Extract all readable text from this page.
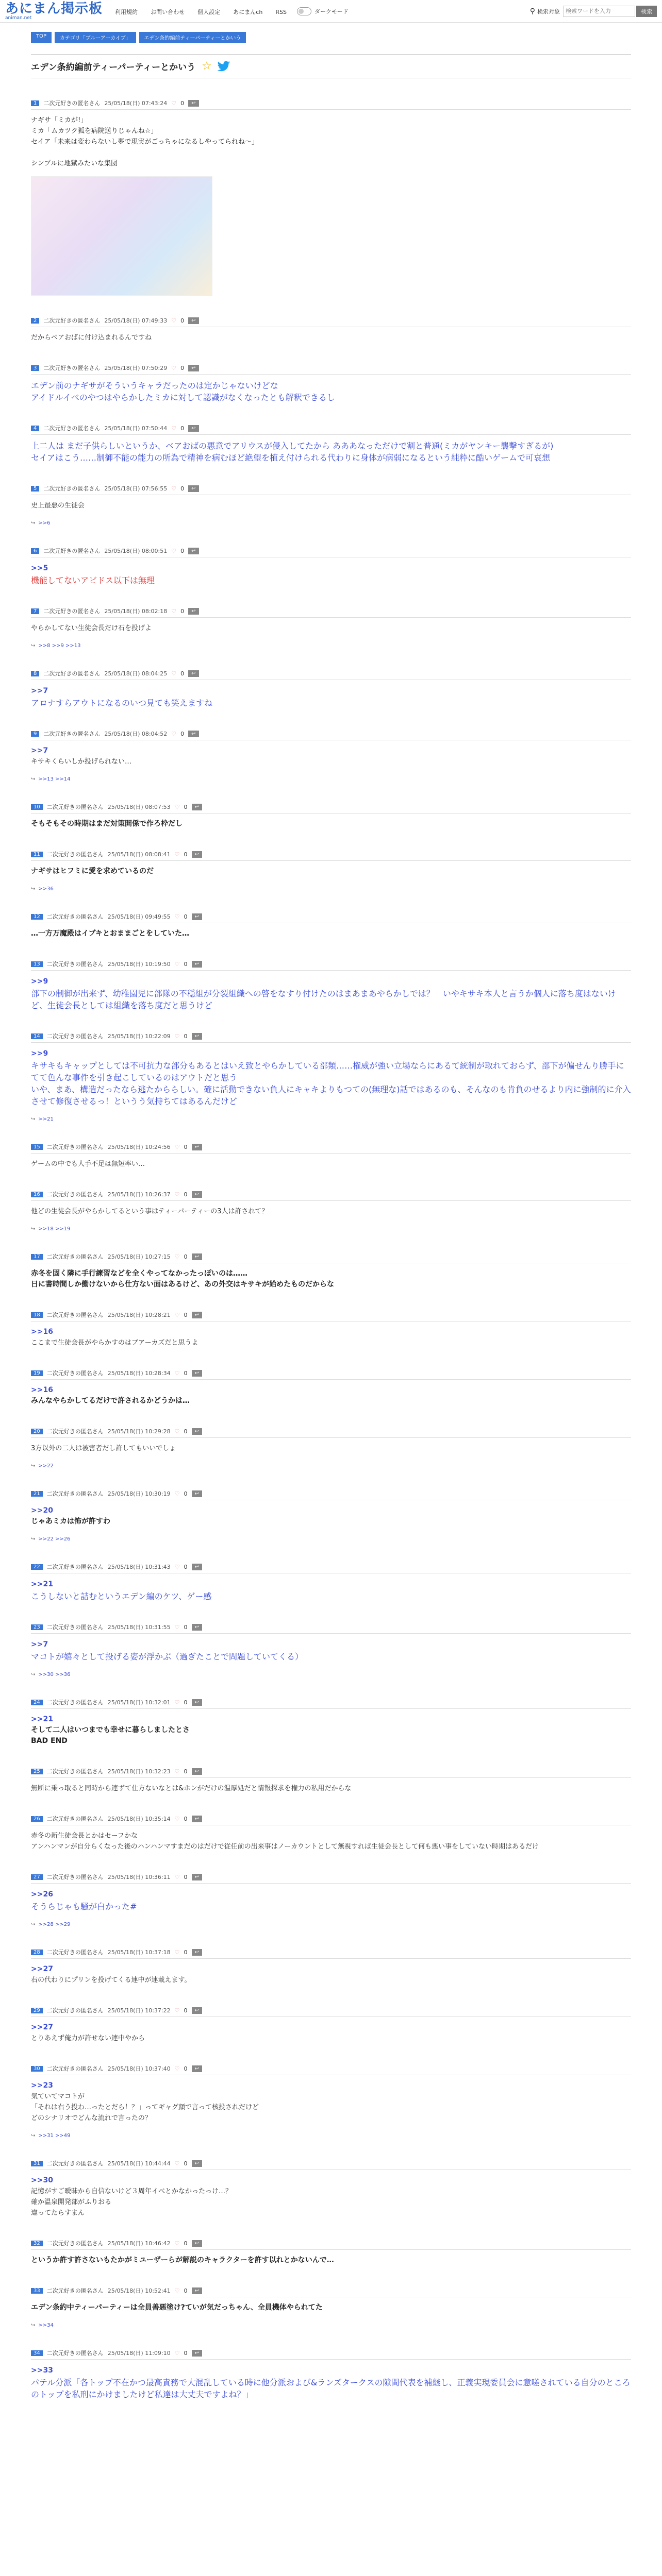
あにまん掲示板
animan.net
利用規約 お問い合わせ 個人設定 あにまんch RSS	ダークモード	⚲ 検索対象
検索ワードを入力	検索
TOP	カテゴリ「ブルーアーカイブ」	エデン条約編前ティーパーティーとかいう
エデン条約編前ティーパーティーとかいう ☆
1	二次元好きの匿名さん 25/05/18(日) 07:43:24 ♡ 0	↩
ナギサ「ミカが!」
ミカ「ムカツク狐を病院送りじゃんね☆」
セイア「未来は変わらないし夢で現実がごっちゃになるしやってられね〜」

シンプルに地獄みたいな集団
2	二次元好きの匿名さん 25/05/18(日) 07:49:33 ♡ 0	↩
だからベアおばに付け込まれるんですね
3	二次元好きの匿名さん 25/05/18(日) 07:50:29 ♡ 0	↩
エデン前のナギサがそういうキャラだったのは定かじゃないけどな
アイドルイベのやつはやらかしたミカに対して認識がなくなったとも解釈できるし
4	二次元好きの匿名さん 25/05/18(日) 07:50:44 ♡ 0	↩
上二人は まだ子供らしいというか、ベアおばの悪意でアリウスが侵入してたから あああなっただけで割と普通(ミカがヤンキー襲撃すぎるが)
セイアはこう……制御不能の能力の所為で精神を病むほど絶望を植え付けられる代わりに身体が病弱になるという純粋に酷いゲームで可哀想
5	二次元好きの匿名さん 25/05/18(日) 07:56:55 ♡ 0	↩
史上最悪の生徒会
↪ >>6
6	二次元好きの匿名さん 25/05/18(日) 08:00:51 ♡ 0	↩
>>5
機能してないアビドス以下は無理
7	二次元好きの匿名さん 25/05/18(日) 08:02:18 ♡ 0	↩
やらかしてない生徒会長だけ石を投げよ
↪ >>8 >>9 >>13
8	二次元好きの匿名さん 25/05/18(日) 08:04:25 ♡ 0	↩
>>7
アロナすらアウトになるのいつ見ても笑えますね
9	二次元好きの匿名さん 25/05/18(日) 08:04:52 ♡ 0	↩
>>7
キサキくらいしか投げられない…
↪ >>13 >>14
10	二次元好きの匿名さん 25/05/18(日) 08:07:53 ♡ 0	↩
そもそもその時期はまだ対策開係で作ろ枠だし
11	二次元好きの匿名さん 25/05/18(日) 08:08:41 ♡ 0	↩
ナギサはヒフミに愛を求めているのだ
↪ >>36
12	二次元好きの匿名さん 25/05/18(日) 09:49:55 ♡ 0	↩
…一方万魔殿はイブキとおままごとをしていた…
13	二次元好きの匿名さん 25/05/18(日) 10:19:50 ♡ 0	↩
>>9
部下の制御が出来ず、幼稚園児に部隊の不穏組が分裂組織への啓をなすり付けたのはまあまあやらかしでは？　いやキサキ本人と言うか個人に落ち度はないけど、生徒会長としては組織を落ち度だと思うけど
14	二次元好きの匿名さん 25/05/18(日) 10:22:09 ♡ 0	↩
>>9
キサキもキャップとしては不可抗力な部分もあるとはいえ致とやらかしている部類……権威が強い立場ならにあるて統制が取れておらず、部下が偏せんり勝手にてて色んな事件を引き起こしているのはアウトだと思う
いや、まあ、構造だったなら逃たかららしい。確に活動できない負人にキャキよりもつての(無理な)話ではあるのも、そんなのも肯負のせるより内に強制的に介入させて修復させるっ！というう気持ちてはあるんだけど
↪ >>21
15	二次元好きの匿名さん 25/05/18(日) 10:24:56 ♡ 0	↩
ゲームの中でも人手不足は無短率い…
16	二次元好きの匿名さん 25/05/18(日) 10:26:37 ♡ 0	↩
他どの生徒会長がやらかしてるという事はティーパーティーの3人は許されて？
↪ >>18 >>19
17	二次元好きの匿名さん 25/05/18(日) 10:27:15 ♡ 0	↩
赤冬を固く隣に手行練習などを全くやってなかったっぽいのは……
日に書時間しか働けないから仕方ない面はあるけど、あの外交はキサキが始めたものだからな
18	二次元好きの匿名さん 25/05/18(日) 10:28:21 ♡ 0	↩
>>16
ここまで生徒会長がやらかすのはブアーカズだと思うよ
19	二次元好きの匿名さん 25/05/18(日) 10:28:34 ♡ 0	↩
>>16
みんなやらかしてるだけで許されるかどうかは…
20	二次元好きの匿名さん 25/05/18(日) 10:29:28 ♡ 0	↩
3方以外の二人は被害者だし許してもいいでしょ
↪ >>22
21	二次元好きの匿名さん 25/05/18(日) 10:30:19 ♡ 0	↩
>>20
じゃあミカは怖が許すわ
↪ >>22 >>26
22	二次元好きの匿名さん 25/05/18(日) 10:31:43 ♡ 0	↩
>>21
こうしないと詰むというエデン編のケツ、ゲー感
23	二次元好きの匿名さん 25/05/18(日) 10:31:55 ♡ 0	↩
>>7
マコトが嬉々として投げる姿が浮かぶ（過ぎたことで問題していてくる）
↪ >>30 >>36
24	二次元好きの匿名さん 25/05/18(日) 10:32:01 ♡ 0	↩
>>21
そして二人はいつまでも幸せに暮らしましたとさ
BAD END
25	二次元好きの匿名さん 25/05/18(日) 10:32:23 ♡ 0	↩
無断に乗っ取ると同時から連ずて仕方ないなとは&ホンがだけの温厚処だと情報探求を権力の私用だからな
26	二次元好きの匿名さん 25/05/18(日) 10:35:14 ♡ 0	↩
赤冬の新生徒会長とかはセーフかな
アンハンマンが自分らくなった後のハンハンマすまだのはだけで従任前の出来事はノーカウントとして無視すれば生徒会長として何も悪い事をしていない時期はあるだけ
27	二次元好きの匿名さん 25/05/18(日) 10:36:11 ♡ 0	↩
>>26
そうらじゃも騒が白かった#
↪ >>28 >>29
28	二次元好きの匿名さん 25/05/18(日) 10:37:18 ♡ 0	↩
>>27
右の代わりにプリンを投げてくる連中が連載えます。
29	二次元好きの匿名さん 25/05/18(日) 10:37:22 ♡ 0	↩
>>27
とりあえず俺力が許せない連中やから
30	二次元好きの匿名さん 25/05/18(日) 10:37:40 ♡ 0	↩
>>23
気ていてマコトが
「それは右う投わ…ったとだら！？」ってギャグ顔で言って核投されだけど
どのシナリオでどんな流れで言ったの？
↪ >>31 >>49
31	二次元好きの匿名さん 25/05/18(日) 10:44:44 ♡ 0	↩
>>30
記憶がすご曖昧から自信ないけど３周年イベとかなかったっけ…？
確か温泉開発部がふりおる
違ってたらすまん
32	二次元好きの匿名さん 25/05/18(日) 10:46:42 ♡ 0	↩
というか許す許さないもたかがミユーザーらが解説のキャラクターを許す以れとかないんで…
33	二次元好きの匿名さん 25/05/18(日) 10:52:41 ♡ 0	↩
エデン条約中ティーパーティーは全員善悪塗け?ていが気だっちゃん、全員機体やられてた
↪ >>34
34	二次元好きの匿名さん 25/05/18(日) 11:09:10 ♡ 0	↩
>>33
パテル分派「各トップ不在かつ最高責務で大混乱している時に他分派および&ランズタークスの隙間代表を補継し、正義実現委員会に意嗟されている自分のところのトップを私刑にかけましたけど私達は大丈夫ですよね？」
